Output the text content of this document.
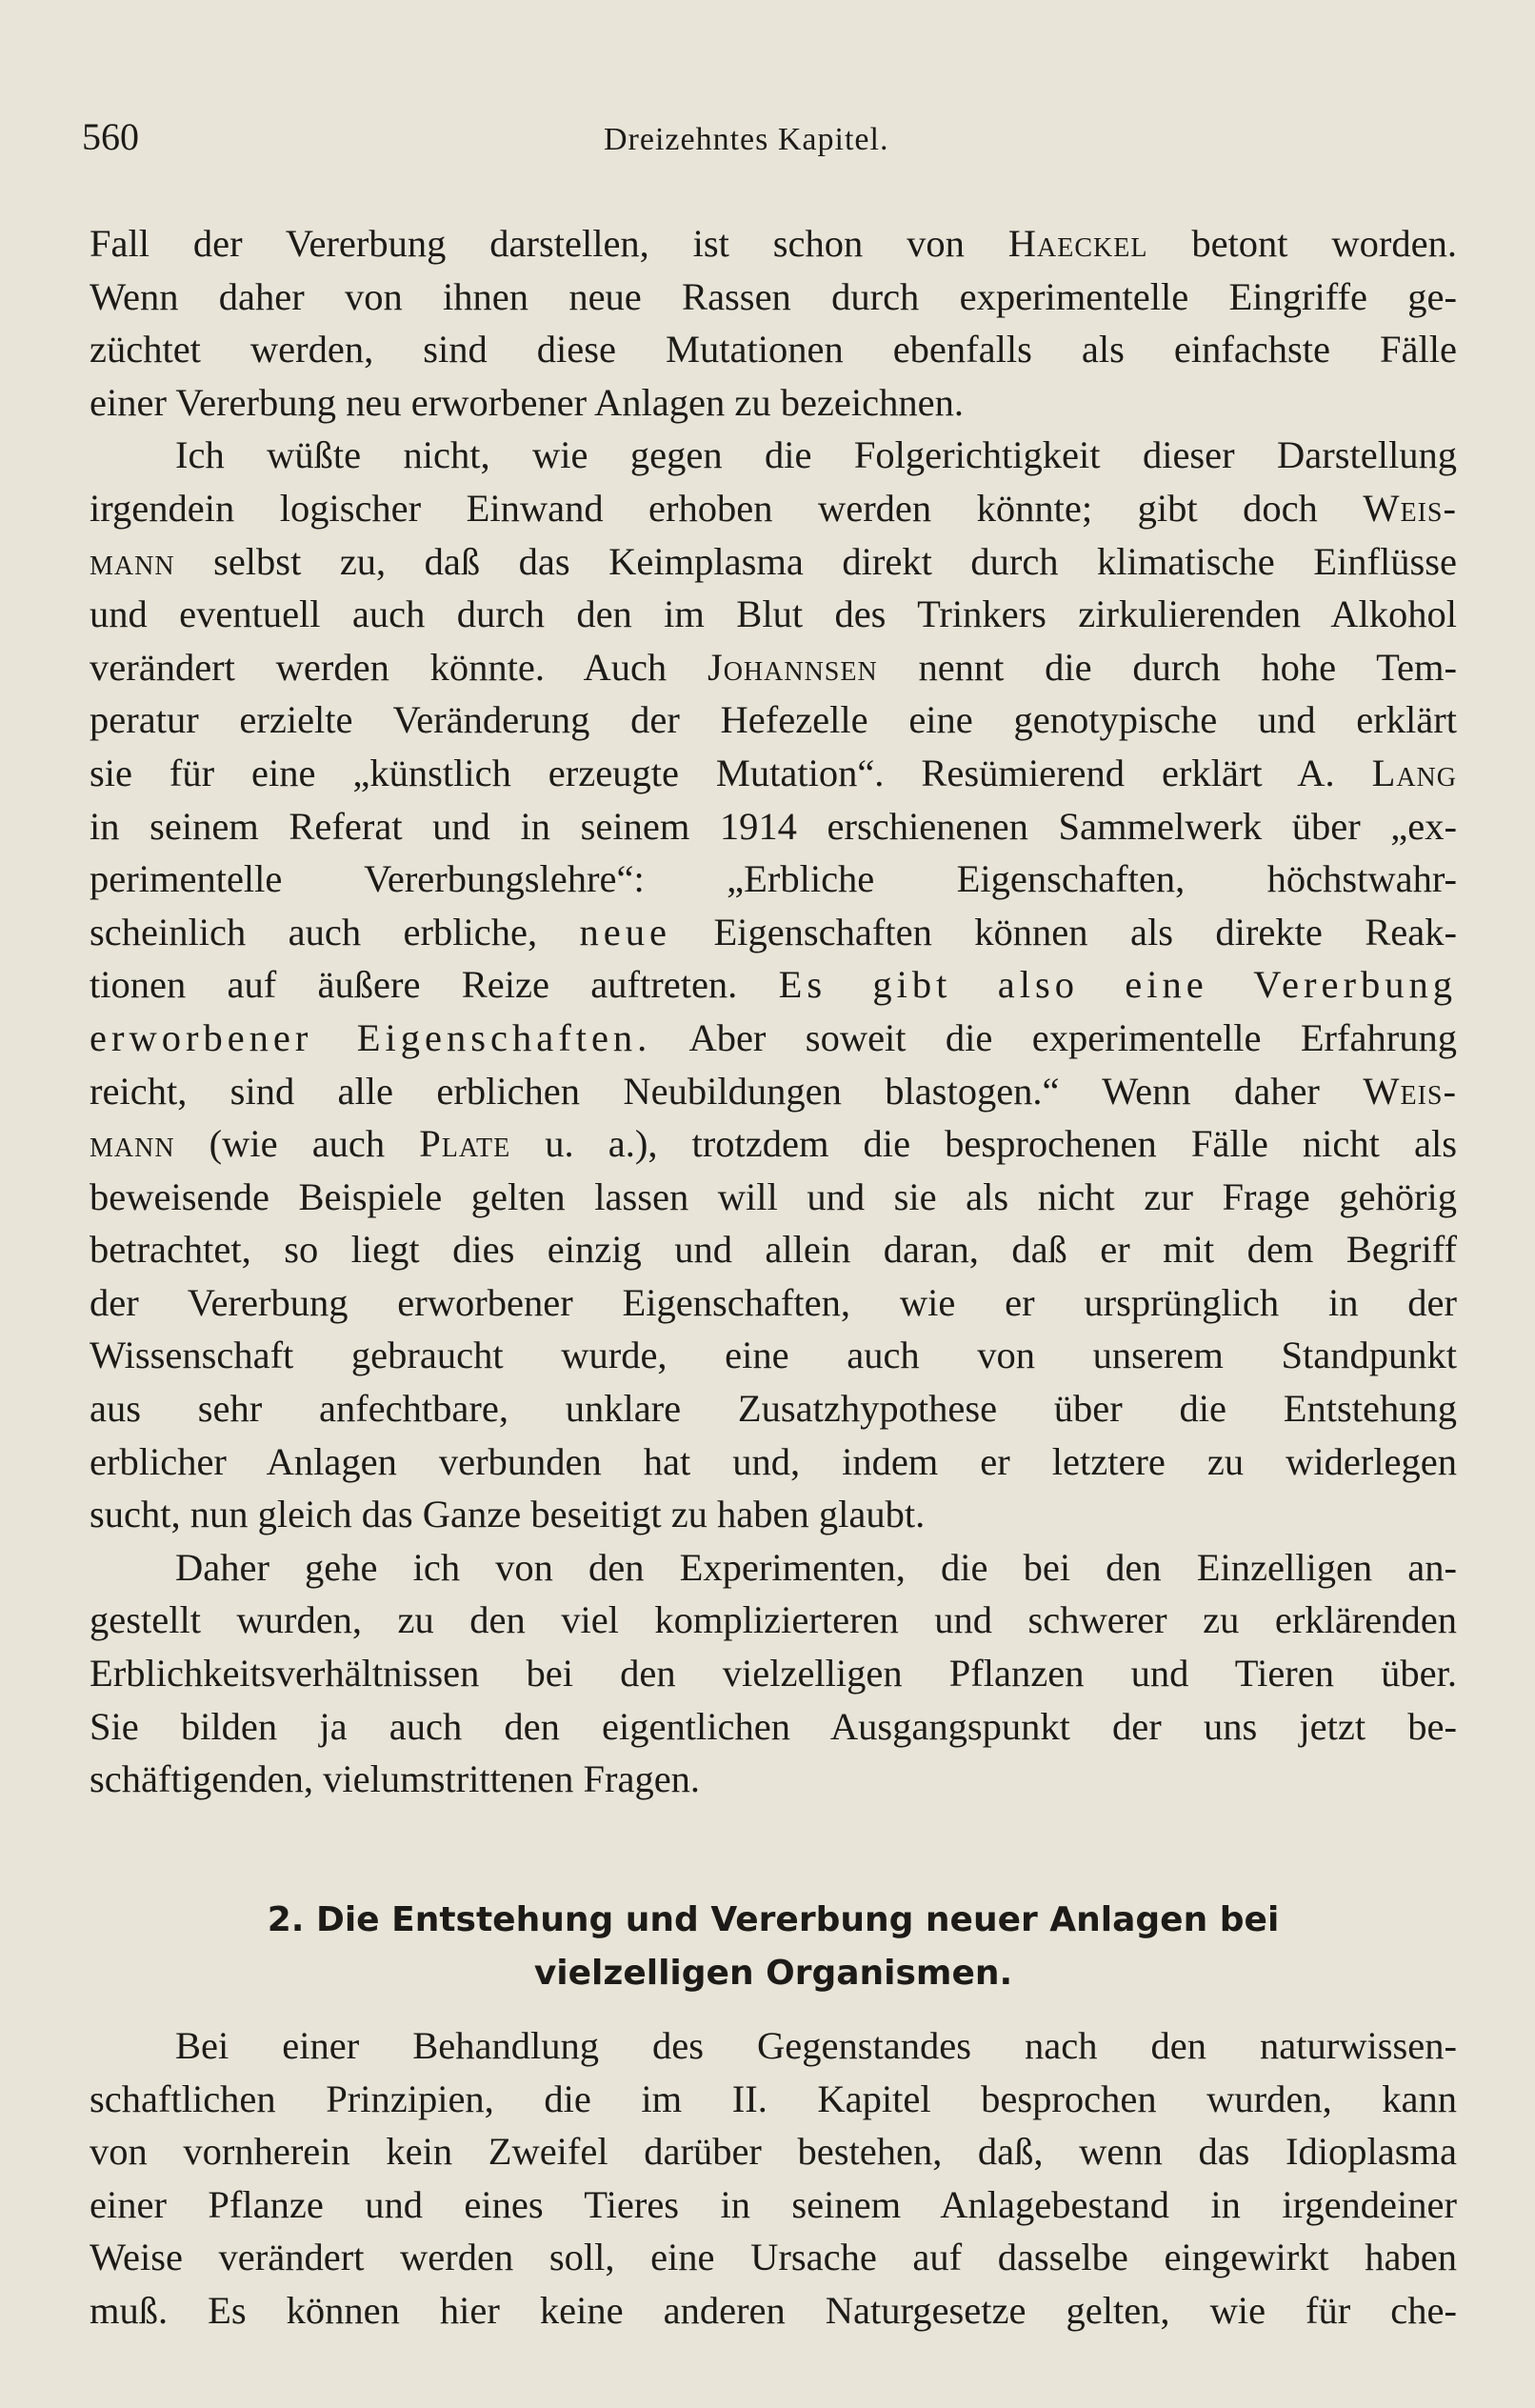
560	Dreizehntes Kapitel.
Fall der Vererbung darstellen, ist schon von Haeckel betont worden.
Wenn daher von ihnen neue Rassen durch experimentelle Eingriffe ge-
züchtet werden, sind diese Mutationen ebenfalls als einfachste Fälle
einer Vererbung neu erworbener Anlagen zu bezeichnen.
Ich wüßte nicht, wie gegen die Folgerichtigkeit dieser Darstellung
irgendein logischer Einwand erhoben werden könnte; gibt doch Weis-
mann selbst zu, daß das Keimplasma direkt durch klimatische Einflüsse
und eventuell auch durch den im Blut des Trinkers zirkulierenden Alkohol
verändert werden könnte. Auch Johannsen nennt die durch hohe Tem-
peratur erzielte Veränderung der Hefezelle eine genotypische und erklärt
sie für eine „künstlich erzeugte Mutation“. Resümierend erklärt A. Lang
in seinem Referat und in seinem 1914 erschienenen Sammelwerk über „ex-
perimentelle Vererbungslehre“: „Erbliche Eigenschaften, höchstwahr-
scheinlich auch erbliche, neue Eigenschaften können als direkte Reak-
tionen auf äußere Reize auftreten. Es gibt also eine Vererbung
erworbener Eigenschaften. Aber soweit die experimentelle Erfahrung
reicht, sind alle erblichen Neubildungen blastogen.“ Wenn daher Weis-
mann (wie auch Plate u. a.), trotzdem die besprochenen Fälle nicht als
beweisende Beispiele gelten lassen will und sie als nicht zur Frage gehörig
betrachtet, so liegt dies einzig und allein daran, daß er mit dem Begriff
der Vererbung erworbener Eigenschaften, wie er ursprünglich in der
Wissenschaft gebraucht wurde, eine auch von unserem Standpunkt
aus sehr anfechtbare, unklare Zusatzhypothese über die Entstehung
erblicher Anlagen verbunden hat und, indem er letztere zu widerlegen
sucht, nun gleich das Ganze beseitigt zu haben glaubt.
Daher gehe ich von den Experimenten, die bei den Einzelligen an-
gestellt wurden, zu den viel komplizierteren und schwerer zu erklärenden
Erblichkeitsverhältnissen bei den vielzelligen Pflanzen und Tieren über.
Sie bilden ja auch den eigentlichen Ausgangspunkt der uns jetzt be-
schäftigenden, vielumstrittenen Fragen.
2. Die Entstehung und Vererbung neuer Anlagen bei
vielzelligen Organismen.
Bei einer Behandlung des Gegenstandes nach den naturwissen-
schaftlichen Prinzipien, die im II. Kapitel besprochen wurden, kann
von vornherein kein Zweifel darüber bestehen, daß, wenn das Idioplasma
einer Pflanze und eines Tieres in seinem Anlagebestand in irgendeiner
Weise verändert werden soll, eine Ursache auf dasselbe eingewirkt haben
muß. Es können hier keine anderen Naturgesetze gelten, wie für che-
